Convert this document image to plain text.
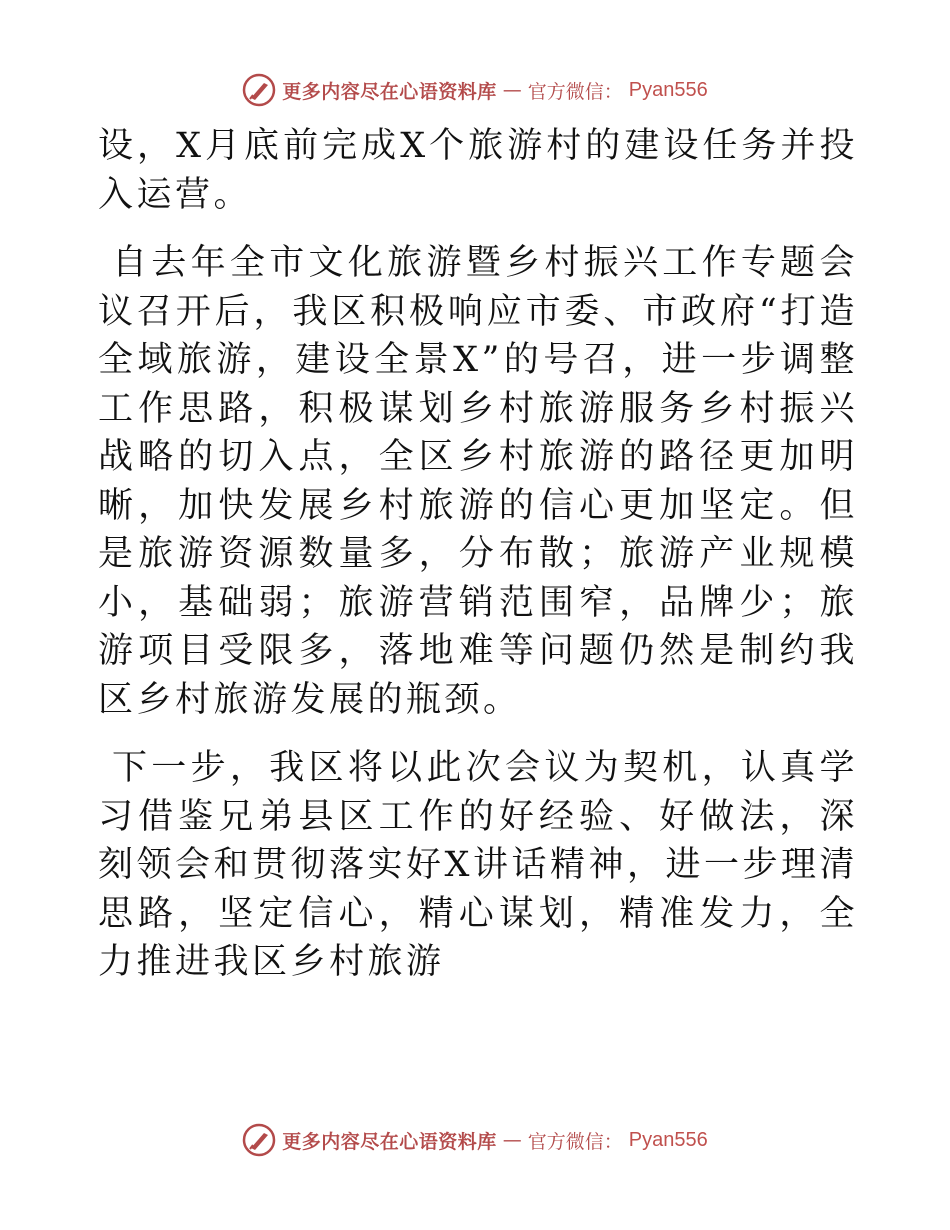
更多内容尽在心语资料库 — 官方微信： Pyan556

设，X月底前完成X个旅游村的建设任务并投入运营。

自去年全市文化旅游暨乡村振兴工作专题会议召开后，我区积极响应市委、市政府“打造全域旅游，建设全景X”的号召，进一步调整工作思路，积极谋划乡村旅游服务乡村振兴战略的切入点，全区乡村旅游的路径更加明晰，加快发展乡村旅游的信心更加坚定。但是旅游资源数量多，分布散；旅游产业规模小，基础弱；旅游营销范围窄，品牌少；旅游项目受限多，落地难等问题仍然是制约我区乡村旅游发展的瓶颈。

下一步，我区将以此次会议为契机，认真学习借鉴兄弟县区工作的好经验、好做法，深刻领会和贯彻落实好X讲话精神，进一步理清思路，坚定信心，精心谋划，精准发力，全力推进我区乡村旅游

更多内容尽在心语资料库 — 官方微信： Pyan556
